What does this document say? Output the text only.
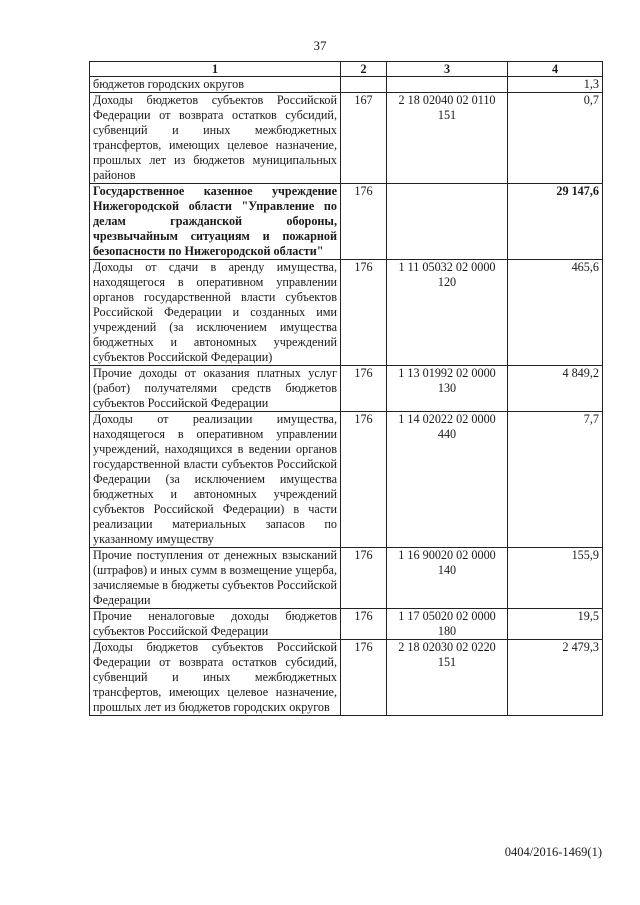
37
1	2	3	4
бюджетов городских округов			1,3
Доходы бюджетов субъектов Российской Федерации от возврата остатков субсидий, субвенций и иных межбюджетных трансфертов, имеющих целевое назначение, прошлых лет из бюджетов муниципальных районов	167	2 18 02040 02 0110 151	0,7
Государственное казенное учреждение Нижегородской области "Управление по делам гражданской обороны, чрезвычайным ситуациям и пожарной безопасности по Нижегородской области"	176		29 147,6
Доходы от сдачи в аренду имущества, находящегося в оперативном управлении органов государственной власти субъектов Российской Федерации и созданных ими учреждений (за исключением имущества бюджетных и автономных учреждений субъектов Российской Федерации)	176	1 11 05032 02 0000 120	465,6
Прочие доходы от оказания платных услуг (работ) получателями средств бюджетов субъектов Российской Федерации	176	1 13 01992 02 0000 130	4 849,2
Доходы от реализации имущества, находящегося в оперативном управлении учреждений, находящихся в ведении органов государственной власти субъектов Российской Федерации (за исключением имущества бюджетных и автономных учреждений субъектов Российской Федерации) в части реализации материальных запасов по указанному имуществу	176	1 14 02022 02 0000 440	7,7
Прочие поступления от денежных взысканий (штрафов) и иных сумм в возмещение ущерба, зачисляемые в бюджеты субъектов Российской Федерации	176	1 16 90020 02 0000 140	155,9
Прочие неналоговые доходы бюджетов субъектов Российской Федерации	176	1 17 05020 02 0000 180	19,5
Доходы бюджетов субъектов Российской Федерации от возврата остатков субсидий, субвенций и иных межбюджетных трансфертов, имеющих целевое назначение, прошлых лет из бюджетов городских округов	176	2 18 02030 02 0220 151	2 479,3
0404/2016-1469(1)
